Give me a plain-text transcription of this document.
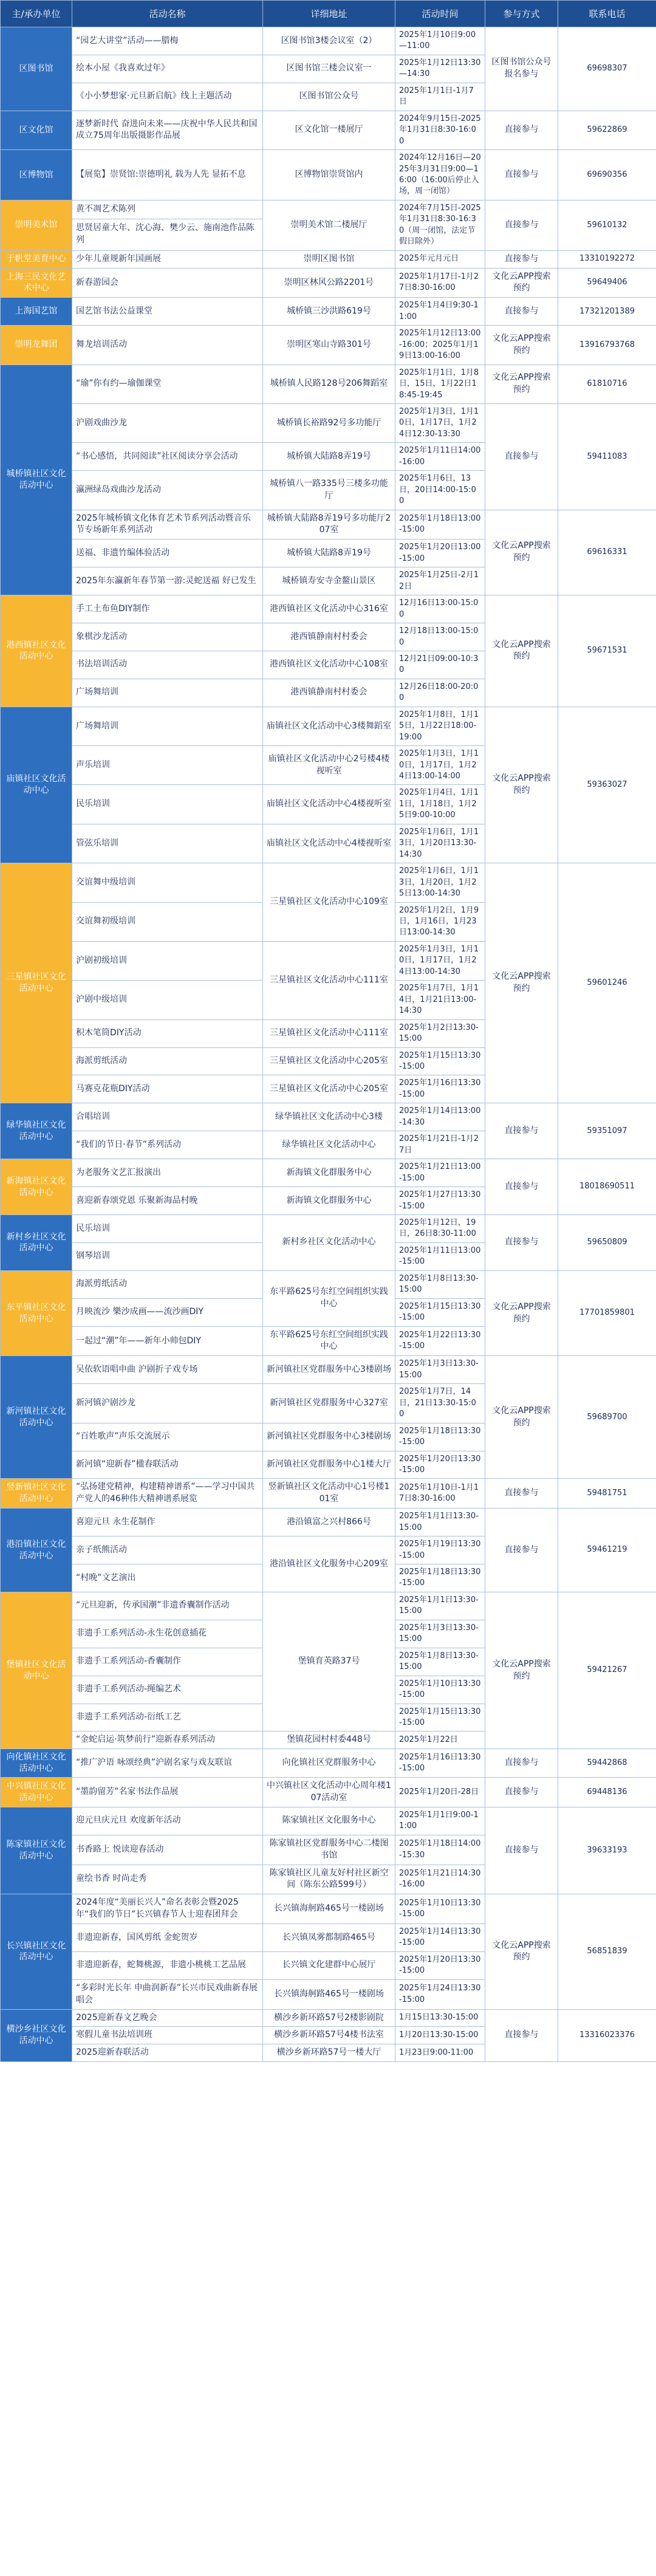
主/承办单位	活动名称	详细地址	活动时间	参与方式	联系电话
区图书馆	“园艺大讲堂”活动——腊梅	区图书馆3楼会议室（2）	2025年1月10日9:00—11:00	区图书馆公众号报名参与	69698307
	绘本小屋《我喜欢过年》	区图书馆三楼会议室一	2025年1月12日13:30—14:30		
	《小小梦想家·元旦新启航》线上主题活动	区图书馆公众号	2025年1月1日-1月7日		
区文化馆	逐梦新时代 奋进向未来——庆祝中华人民共和国成立75周年出版摄影作品展	区文化馆一楼展厅	2024年9月15日-2025年1月31日8:30-16:00	直接参与	59622869
区博物馆	【展览】崇贤馆:崇德明礼 载为人先 显拓不息	区博物馆崇贤馆内	2024年12月16日—2025年3月31日9:00—16:00（16:00后停止入场，周一闭馆）	直接参与	69690356
崇明美术馆	黄不凋艺术陈列	崇明美术馆二楼展厅	2024年7月15日-2025年1月31日8:30-16:30（周一闭馆，法定节假日除外）	直接参与	59610132
	思贤居童大年、沈心海、樊少云、施南池作品陈列				
于帆堂美育中心	少年儿童规新年国画展	崇明区图书馆	2025年元月元日	直接参与	13310192272
上海三民文化艺术中心	新春游园会	崇明区林风公路2201号	2025年1月17日-1月27日8:30-16:00	文化云APP搜索预约	59649406
上海国艺馆	国艺馆书法公益课堂	城桥镇三沙洪路619号	2025年1月4日9:30-11:00	直接参与	17321201389
崇明龙舞团	舞龙培训活动	崇明区寒山寺路301号	2025年1月12日13:00-16:00；2025年1月19日13:00-16:00	文化云APP搜索预约	13916793768
城桥镇社区文化活动中心	“瑜”你有约—瑜伽课堂	城桥镇人民路128号206舞蹈室	2025年1月1日，1月8日，15日，1月22日18:45-19:45	文化云APP搜索预约	61810716
	沪剧戏曲沙龙	城桥镇长裕路92号多功能厅	2025年1月3日，1月10日，1月17日，1月24日12:30-13:30	直接参与	59411083
	“书心感悟，共同阅读”社区阅读分享会活动	城桥镇大陆路8弄19号	2025年1月11日14:00-16:00		
	瀛洲绿岛戏曲沙龙活动	城桥镇八一路335号三楼多功能厅	2025年1月6日，13日，20日14:00-15:00		
	2025年城桥镇文化体育艺术节系列活动暨音乐节专场新年系列活动	城桥镇大陆路8弄19号多功能厅207室	2025年1月18日13:00-15:00	文化云APP搜索预约	69616331
	送福、非遗竹编体验活动	城桥镇大陆路8弄19号	2025年1月20日13:00-15:00		
	2025年东瀛新年春节第一游:灵蛇送福 好已发生	城桥镇寿安寺金鳌山景区	2025年1月25日-2月12日		
港西镇社区文化活动中心	手工土布鱼DIY制作	港西镇社区文化活动中心316室	12月16日13:00-15:00	文化云APP搜索预约	59671531
	象棋沙龙活动	港西镇静南村村委会	12月18日13:00-15:00		
	书法培训活动	港西镇社区文化活动中心108室	12月21日09:00-10:30		
	广场舞培训	港西镇静南村村委会	12月26日18:00-20:00		
庙镇社区文化活动中心	广场舞培训	庙镇社区文化活动中心3楼舞蹈室	2025年1月8日，1月15日，1月22日18:00-19:00	文化云APP搜索预约	59363027
	声乐培训	庙镇社区文化活动中心2号楼4楼视听室	2025年1月3日，1月10日，1月17日，1月24日13:00-14:00		
	民乐培训	庙镇社区文化活动中心4楼视听室	2025年1月4日，1月11日，1月18日，1月25日9:00-10:00		
	管弦乐培训	庙镇社区文化活动中心4楼视听室	2025年1月6日，1月13日，1月20日13:30-14:30		
三星镇社区文化活动中心	交谊舞中级培训	三星镇社区文化活动中心109室	2025年1月6日，1月13日，1月20日，1月25日13:00-14:30	文化云APP搜索预约	59601246
	交谊舞初级培训		2025年1月2日，1月9日，1月16日，1月23日13:00-14:30		
	沪剧初级培训	三星镇社区文化活动中心111室	2025年1月3日，1月10日，1月17日，1月24日13:00-14:30		
	沪剧中级培训		2025年1月7日，1月14日，1月21日13:00-14:30		
	积木笔筒DIY活动	三星镇社区文化活动中心111室	2025年1月2日13:30-15:00		
	海派剪纸活动	三星镇社区文化活动中心205室	2025年1月15日13:30-15:00		
	马赛克花瓶DIY活动	三星镇社区文化活动中心205室	2025年1月16日13:30-15:00		
绿华镇社区文化活动中心	合唱培训	绿华镇社区文化活动中心3楼	2025年1月14日13:00-14:30	直接参与	59351097
	“我们的节日·春节”系列活动	绿华镇社区文化活动中心	2025年1月21日-1月27日		
新海镇社区文化活动中心	为老服务文艺汇报演出	新海镇文化群服务中心	2025年1月21日13:00-15:00	直接参与	18018690511
	喜迎新春颂党恩 乐聚新海品村晚	新海镇文化群服务中心	2025年1月27日13:30-15:00		
新村乡社区文化活动中心	民乐培训	新村乡社区文化活动中心	2025年1月12日，19日，26日8:30-11:00	直接参与	59650809
	钢琴培训		2025年1月11日13:00-15:00		
东平镇社区文化活动中心	海派剪纸活动	东平路625号东红空间组织实践中心	2025年1月8日13:30-15:00	文化云APP搜索预约	17701859801
	月映流沙 樂沙成画——流沙画DIY		2025年1月15日13:30-15:00		
	一起过“潮”年——新年小帅包DIY	东平路625号东红空间组织实践中心	2025年1月22日13:30-15:00		
新河镇社区文化活动中心	吴依软语唱申曲 沪剧折子戏专场	新河镇社区党群服务中心3楼剧场	2025年1月3日13:30-15:00	文化云APP搜索预约	59689700
	新河镇沪剧沙龙	新河镇社区党群服务中心327室	2025年1月7日，14日，21日13:30-15:00		
	“百姓歌声”声乐交流展示	新河镇社区党群服务中心3楼剧场	2025年1月18日13:30-15:00		
	新河镇“迎新春”楹春联活动	新河镇社区党群服务中心1楼大厅	2025年1月20日13:30-15:00		
竖新镇社区文化活动中心	“弘扬建党精神，构建精神谱系”——学习中国共产党人的46种伟大精神谱系展览	竖新镇社区文化活动中心1号楼101室	2025年1月10日-1月17日8:30-16:00	直接参与	59481751
港沿镇社区文化活动中心	喜迎元旦 永生花制作	港沿镇富之兴村866号	2025年1月1日13:30-15:00	直接参与	59461219
	亲子纸熊活动	港沿镇社区文化服务中心209室	2025年1月19日13:30-15:00		
	“村晚”文艺演出		2025年1月18日13:30-15:00		
堡镇社区文化活动中心	“元旦迎新，传承国潮”非遗香囊制作活动	堡镇育英路37号	2025年1月1日13:30-15:00	文化云APP搜索预约	59421267
	非遗手工系列活动-永生花创意插花		2025年1月3日13:30-15:00		
	非遗手工系列活动-香囊制作		2025年1月8日13:30-15:00		
	非遗手工系列活动-绳编艺术		2025年1月10日13:30-15:00		
	非遗手工系列活动-衍纸工艺		2025年1月15日13:30-15:00		
	“金蛇启运·筑梦前行”迎新春系列活动	堡镇花园村村委448号	2025年1月22日		
向化镇社区文化活动中心	“推广沪语 咏颂经典”沪剧名家与戏友联谊	向化镇社区党群服务中心	2025年1月16日13:30-15:00	直接参与	59442868
中兴镇社区文化活动中心	“墨韵留芳”名家书法作品展	中兴镇社区文化活动中心周年楼107活动室	2025年1月20日-28日	直接参与	69448136
陈家镇社区文化活动中心	迎元旦庆元旦 欢度新年活动	陈家镇社区文化服务中心	2025年1月1日9:00-11:00	直接参与	39633193
	书香路上 悦读迎春活动	陈家镇社区党群服务中心二楼图书馆	2025年1月18日14:00-15:30		
	童绘书香 时尚走秀	陈家镇社区儿童友好村社区新空间（陈东公路599号）	2025年1月21日14:30-16:00		
长兴镇社区文化活动中心	2024年度“美丽长兴人”命名表彰会暨2025年“我们的节日”长兴镇春节人士迎春团拜会	长兴镇海舸路465号一楼剧场	2025年1月10日13:30-15:00	文化云APP搜索预约	56851839
	非遗迎新春，国风剪纸 金蛇贺岁	长兴镇凤雾都制路465号	2025年1月14日13:30-15:00		
	非遗迎新春，蛇舞桃源，非遗小桃桃工艺品展	长兴镇文化建群中心展厅	2025年1月20日13:30-15:00		
	“多彩时光长年 申曲润新春”长兴市民戏曲新春展唱会	长兴镇海舸路465号一楼剧场	2025年1月24日13:30-15:00		
横沙乡社区文化活动中心	2025迎新春文艺晚会	横沙乡新环路57号2楼影剧院	1月15日13:30-15:00	直接参与	13316023376
	寒假儿童书法培训班	横沙乡新环路57号4楼书法室	1月20日13:30-15:00		
	2025迎新春联活动	横沙乡新环路57号一楼大厅	1月23日9:00-11:00		
